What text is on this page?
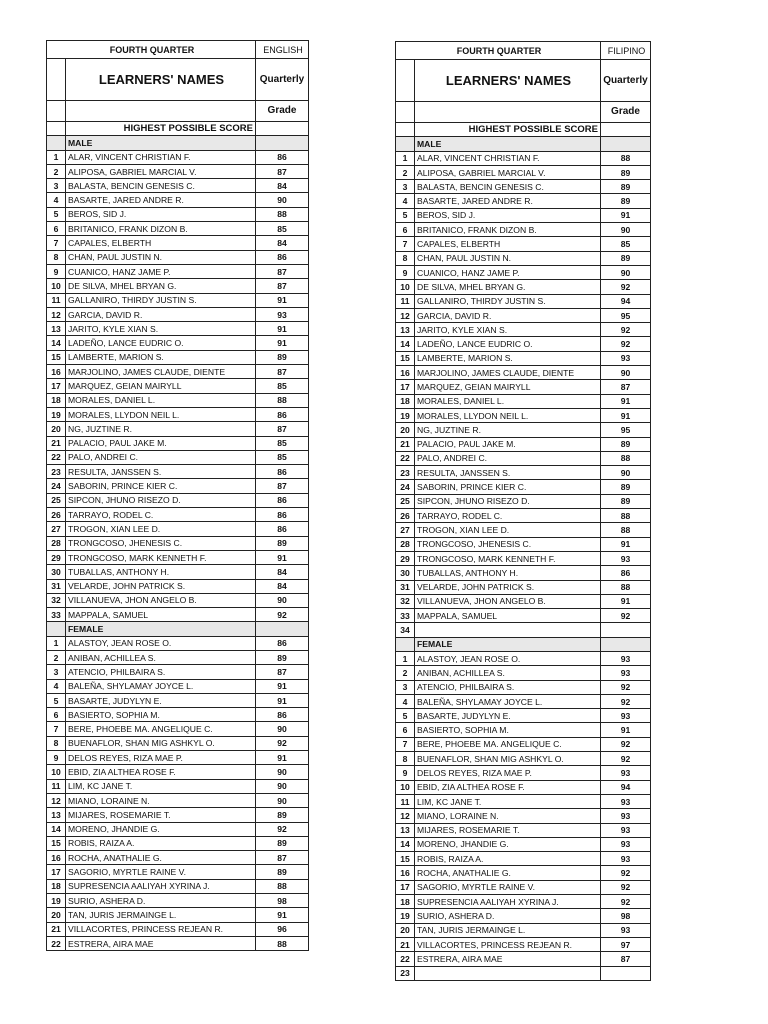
FOURTH QUARTER		ENGLISH
	LEARNERS' NAMES	Quarterly
		Grade
	HIGHEST POSSIBLE SCORE	
	MALE	
1	ALAR, VINCENT CHRISTIAN F.	86
2	ALIPOSA, GABRIEL MARCIAL V.	87
3	BALASTA, BENCIN GENESIS C.	84
4	BASARTE, JARED ANDRE R.	90
5	BEROS, SID J.	88
6	BRITANICO, FRANK DIZON B.	85
7	CAPALES, ELBERTH	84
8	CHAN, PAUL JUSTIN N.	86
9	CUANICO, HANZ JAME P.	87
10	DE SILVA, MHEL BRYAN G.	87
11	GALLANIRO, THIRDY JUSTIN S.	91
12	GARCIA, DAVID R.	93
13	JARITO, KYLE XIAN S.	91
14	LADEÑO, LANCE EUDRIC O.	91
15	LAMBERTE, MARION S.	89
16	MARJOLINO, JAMES CLAUDE, DIENTE	87
17	MARQUEZ, GEIAN MAIRYLL	85
18	MORALES, DANIEL L.	88
19	MORALES, LLYDON NEIL L.	86
20	NG, JUZTINE R.	87
21	PALACIO, PAUL JAKE M.	85
22	PALO, ANDREI C.	85
23	RESULTA, JANSSEN S.	86
24	SABORIN, PRINCE KIER C.	87
25	SIPCON, JHUNO RISEZO D.	86
26	TARRAYO, RODEL C.	86
27	TROGON, XIAN LEE D.	86
28	TRONGCOSO, JHENESIS C.	89
29	TRONGCOSO, MARK KENNETH F.	91
30	TUBALLAS, ANTHONY H.	84
31	VELARDE, JOHN PATRICK S.	84
32	VILLANUEVA, JHON ANGELO B.	90
33	MAPPALA, SAMUEL	92
	FEMALE	
1	ALASTOY, JEAN ROSE O.	86
2	ANIBAN, ACHILLEA S.	89
3	ATENCIO, PHILBAIRA S.	87
4	BALEÑA, SHYLAMAY JOYCE L.	91
5	BASARTE, JUDYLYN E.	91
6	BASIERTO, SOPHIA M.	86
7	BERE, PHOEBE MA. ANGELIQUE C.	90
8	BUENAFLOR, SHAN MIG ASHKYL O.	92
9	DELOS REYES, RIZA MAE P.	91
10	EBID, ZIA ALTHEA ROSE F.	90
11	LIM, KC JANE T.	90
12	MIANO, LORAINE N.	90
13	MIJARES, ROSEMARIE T.	89
14	MORENO, JHANDIE G.	92
15	ROBIS, RAIZA A.	89
16	ROCHA, ANATHALIE G.	87
17	SAGORIO, MYRTLE RAINE V.	89
18	SUPRESENCIA AALIYAH XYRINA J.	88
19	SURIO, ASHERA D.	98
20	TAN, JURIS JERMAINGE L.	91
21	VILLACORTES, PRINCESS REJEAN R.	96
22	ESTRERA, AIRA MAE	88
FOURTH QUARTER		FILIPINO
	LEARNERS' NAMES	Quarterly
		Grade
	HIGHEST POSSIBLE SCORE	
	MALE	
1	ALAR, VINCENT CHRISTIAN F.	88
2	ALIPOSA, GABRIEL MARCIAL V.	89
3	BALASTA, BENCIN GENESIS C.	89
4	BASARTE, JARED ANDRE R.	89
5	BEROS, SID J.	91
6	BRITANICO, FRANK DIZON B.	90
7	CAPALES, ELBERTH	85
8	CHAN, PAUL JUSTIN N.	89
9	CUANICO, HANZ JAME P.	90
10	DE SILVA, MHEL BRYAN G.	92
11	GALLANIRO, THIRDY JUSTIN S.	94
12	GARCIA, DAVID R.	95
13	JARITO, KYLE XIAN S.	92
14	LADEÑO, LANCE EUDRIC O.	92
15	LAMBERTE, MARION S.	93
16	MARJOLINO, JAMES CLAUDE, DIENTE	90
17	MARQUEZ, GEIAN MAIRYLL	87
18	MORALES, DANIEL L.	91
19	MORALES, LLYDON NEIL L.	91
20	NG, JUZTINE R.	95
21	PALACIO, PAUL JAKE M.	89
22	PALO, ANDREI C.	88
23	RESULTA, JANSSEN S.	90
24	SABORIN, PRINCE KIER C.	89
25	SIPCON, JHUNO RISEZO D.	89
26	TARRAYO, RODEL C.	88
27	TROGON, XIAN LEE D.	88
28	TRONGCOSO, JHENESIS C.	91
29	TRONGCOSO, MARK KENNETH F.	93
30	TUBALLAS, ANTHONY H.	86
31	VELARDE, JOHN PATRICK S.	88
32	VILLANUEVA, JHON ANGELO B.	91
33	MAPPALA, SAMUEL	92
34		
	FEMALE	
1	ALASTOY, JEAN ROSE O.	93
2	ANIBAN, ACHILLEA S.	93
3	ATENCIO, PHILBAIRA S.	92
4	BALEÑA, SHYLAMAY JOYCE L.	92
5	BASARTE, JUDYLYN E.	93
6	BASIERTO, SOPHIA M.	91
7	BERE, PHOEBE MA. ANGELIQUE C.	92
8	BUENAFLOR, SHAN MIG ASHKYL O.	92
9	DELOS REYES, RIZA MAE P.	93
10	EBID, ZIA ALTHEA ROSE F.	94
11	LIM, KC JANE T.	93
12	MIANO, LORAINE N.	93
13	MIJARES, ROSEMARIE T.	93
14	MORENO, JHANDIE G.	93
15	ROBIS, RAIZA A.	93
16	ROCHA, ANATHALIE G.	92
17	SAGORIO, MYRTLE RAINE V.	92
18	SUPRESENCIA AALIYAH XYRINA J.	92
19	SURIO, ASHERA D.	98
20	TAN, JURIS JERMAINGE L.	93
21	VILLACORTES, PRINCESS REJEAN R.	97
22	ESTRERA, AIRA MAE	87
23		
